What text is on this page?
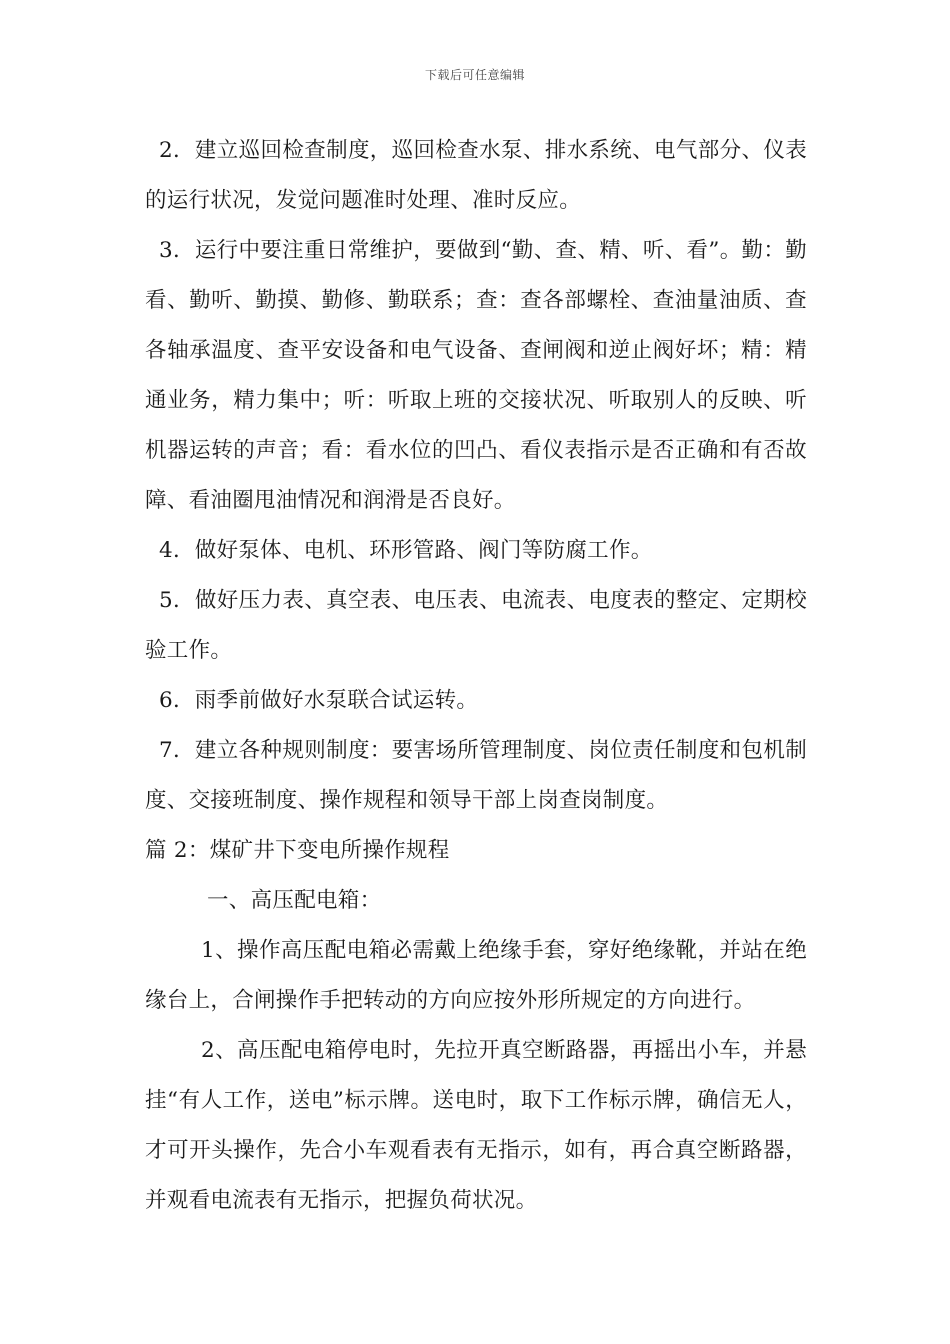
下载后可任意编辑

2．建立巡回检查制度，巡回检查水泵、排水系统、电气部分、仪表的运行状况，发觉问题准时处理、准时反应。

3．运行中要注重日常维护，要做到“勤、查、精、听、看”。勤：勤看、勤听、勤摸、勤修、勤联系；查：查各部螺栓、查油量油质、查各轴承温度、查平安设备和电气设备、查闸阀和逆止阀好坏；精：精通业务，精力集中；听：听取上班的交接状况、听取别人的反映、听机器运转的声音；看：看水位的凹凸、看仪表指示是否正确和有否故障、看油圈甩油情况和润滑是否良好。

4．做好泵体、电机、环形管路、阀门等防腐工作。

5．做好压力表、真空表、电压表、电流表、电度表的整定、定期校验工作。

6．雨季前做好水泵联合试运转。

7．建立各种规则制度：要害场所管理制度、岗位责任制度和包机制度、交接班制度、操作规程和领导干部上岗查岗制度。

篇 2：煤矿井下变电所操作规程

一、高压配电箱：

1、操作高压配电箱必需戴上绝缘手套，穿好绝缘靴，并站在绝缘台上，合闸操作手把转动的方向应按外形所规定的方向进行。

2、高压配电箱停电时，先拉开真空断路器，再摇出小车，并悬挂“有人工作，送电”标示牌。送电时，取下工作标示牌，确信无人，才可开头操作，先合小车观看表有无指示，如有，再合真空断路器，并观看电流表有无指示，把握负荷状况。
